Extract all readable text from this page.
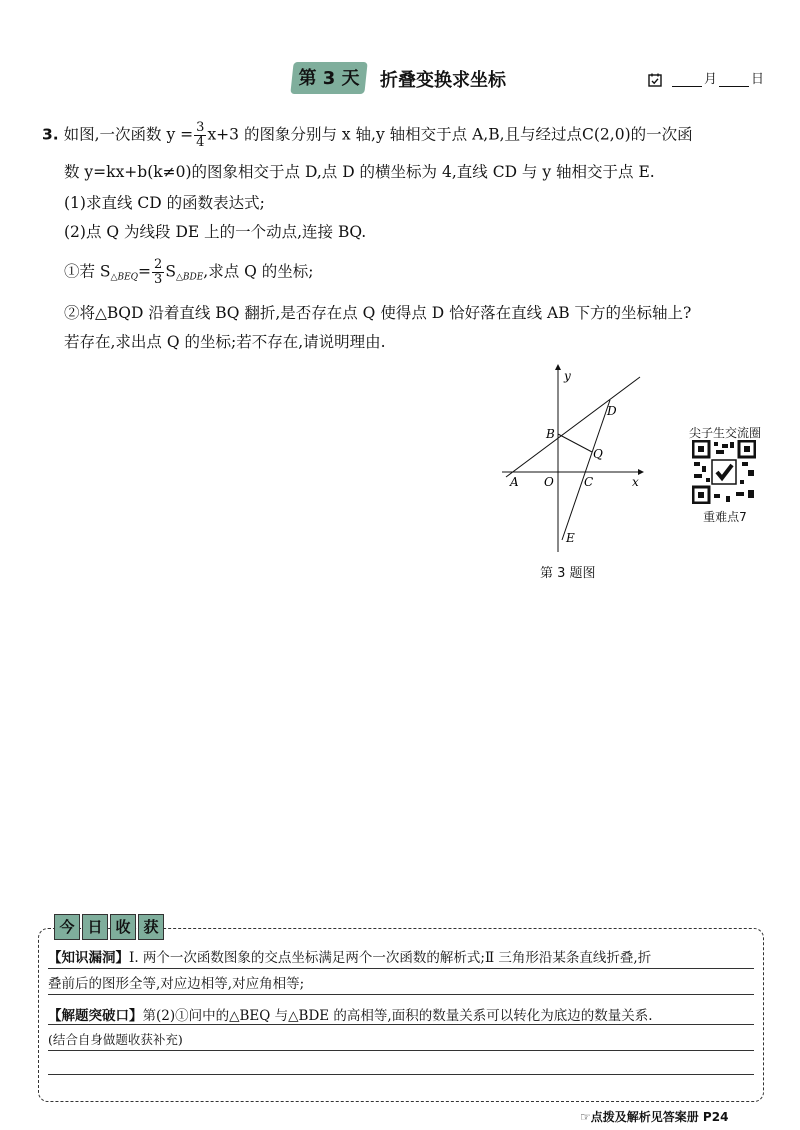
第 3 天	折叠变换求坐标	月	日
3. 如图,一次函数 $y = \frac{3}{4} x+3$ 的图象分别与 x 轴,y 轴相交于点 A,B,且与经过点C(2,0)的一次函
数 y=kx+b(k≠0)的图象相交于点 D,点 D 的横坐标为 4,直线 CD 与 y 轴相交于点 E.
(1)求直线 CD 的函数表达式;
(2)点 Q 为线段 DE 上的一个动点,连接 BQ.
①若 $S_{\triangle BEQ}= \frac{2}{3} S_{\triangle BDE}$,求点 Q 的坐标;
②将△BQD 沿着直线 BQ 翻折,是否存在点 Q 使得点 D 恰好落在直线 AB 下方的坐标轴上?
若存在,求出点 Q 的坐标;若不存在,请说明理由.
y
x
A O
B
C
D
Q
E
第 3 题图
尖子生交流圈
重难点7
今 日 收 获
【知识漏洞】Ⅰ. 两个一次函数图象的交点坐标满足两个一次函数的解析式;Ⅱ 三角形沿某条直线折叠,折
叠前后的图形全等,对应边相等,对应角相等;
【解题突破口】第(2)①问中的△BEQ 与△BDE 的高相等,面积的数量关系可以转化为底边的数量关系.
(结合自身做题收获补充)
☞点拨及解析见答案册 P24
